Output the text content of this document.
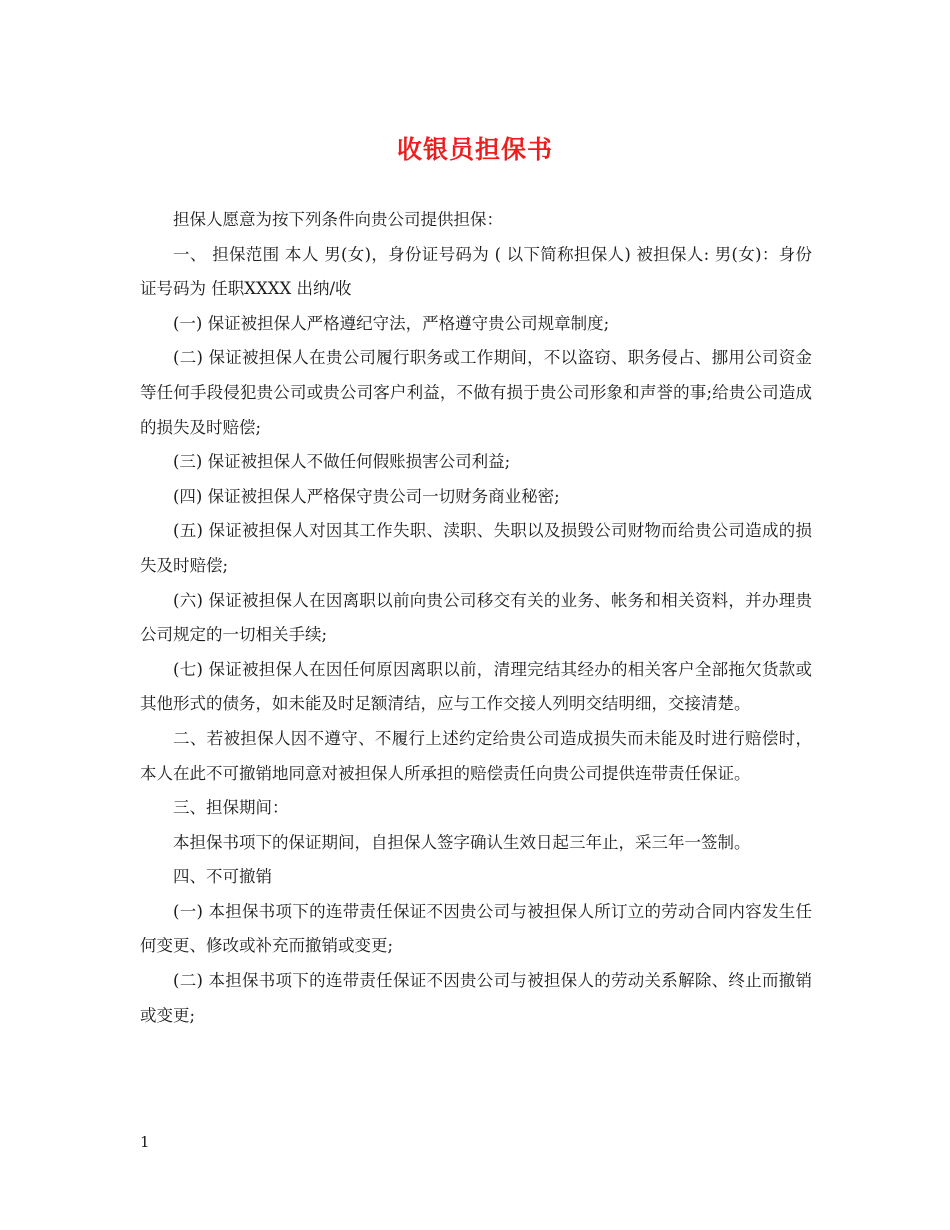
收银员担保书

担保人愿意为按下列条件向贵公司提供担保：

一、 担保范围 本人 男(女)，身份证号码为 ( 以下简称担保人) 被担保人: 男(女)：身份证号码为 任职XXXX 出纳/收

(一) 保证被担保人严格遵纪守法，严格遵守贵公司规章制度;

(二) 保证被担保人在贵公司履行职务或工作期间，不以盗窃、职务侵占、挪用公司资金等任何手段侵犯贵公司或贵公司客户利益，不做有损于贵公司形象和声誉的事;给贵公司造成的损失及时赔偿;

(三) 保证被担保人不做任何假账损害公司利益;

(四) 保证被担保人严格保守贵公司一切财务商业秘密;

(五) 保证被担保人对因其工作失职、渎职、失职以及损毁公司财物而给贵公司造成的损失及时赔偿;

(六) 保证被担保人在因离职以前向贵公司移交有关的业务、帐务和相关资料，并办理贵公司规定的一切相关手续;

(七) 保证被担保人在因任何原因离职以前，清理完结其经办的相关客户全部拖欠货款或其他形式的债务，如未能及时足额清结，应与工作交接人列明交结明细，交接清楚。

二、若被担保人因不遵守、不履行上述约定给贵公司造成损失而未能及时进行赔偿时，本人在此不可撤销地同意对被担保人所承担的赔偿责任向贵公司提供连带责任保证。

三、担保期间：

本担保书项下的保证期间，自担保人签字确认生效日起三年止，采三年一签制。

四、不可撤销

(一) 本担保书项下的连带责任保证不因贵公司与被担保人所订立的劳动合同内容发生任何变更、修改或补充而撤销或变更;

(二) 本担保书项下的连带责任保证不因贵公司与被担保人的劳动关系解除、终止而撤销或变更;

1
